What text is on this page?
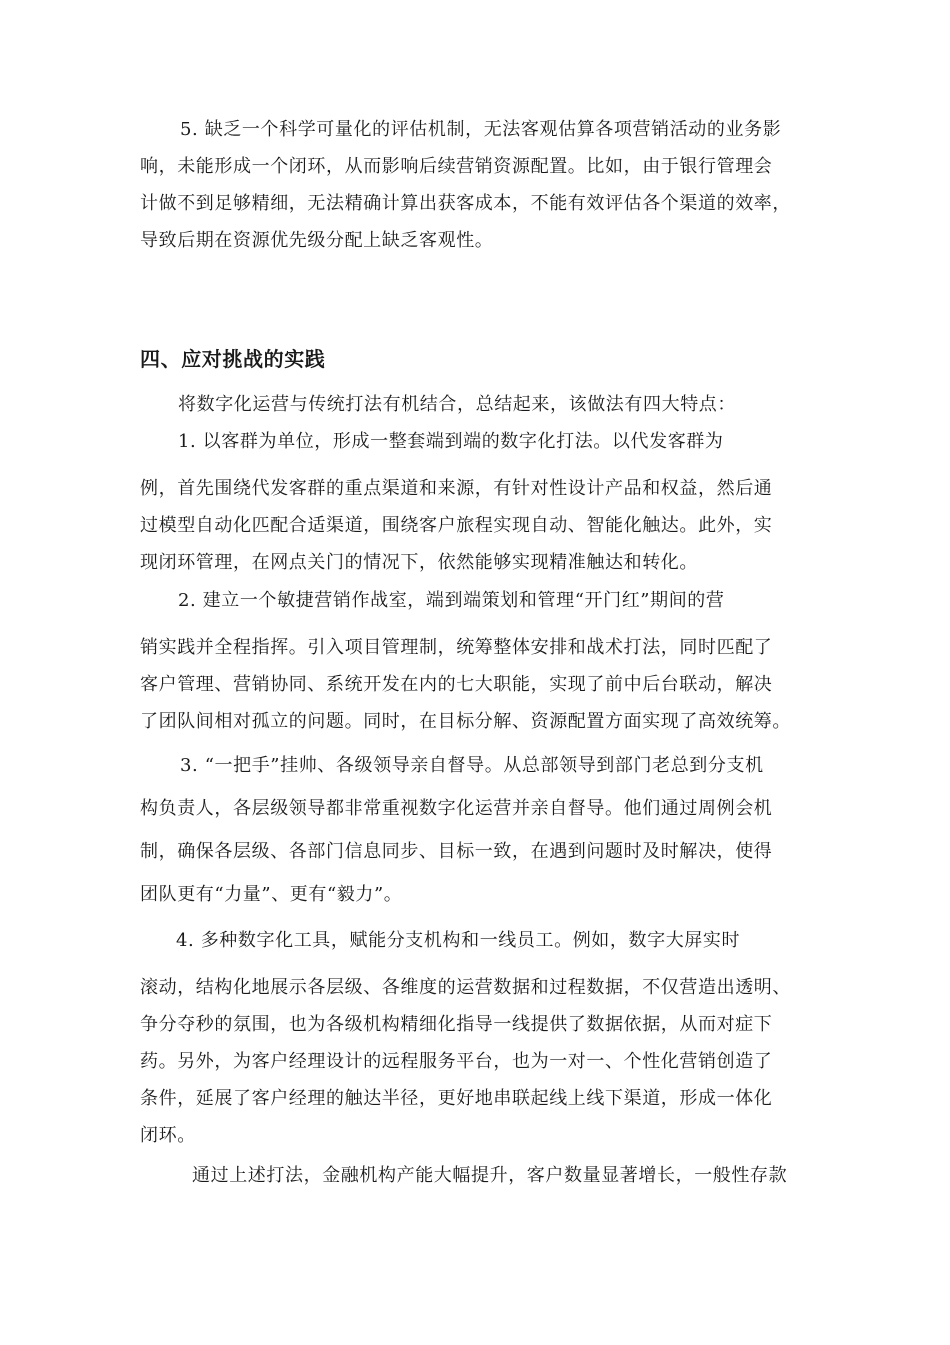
5. 缺乏一个科学可量化的评估机制，无法客观估算各项营销活动的业务影
响，未能形成一个闭环，从而影响后续营销资源配置。比如，由于银行管理会
计做不到足够精细，无法精确计算出获客成本，不能有效评估各个渠道的效率，
导致后期在资源优先级分配上缺乏客观性。
四、应对挑战的实践
将数字化运营与传统打法有机结合，总结起来，该做法有四大特点：
1. 以客群为单位，形成一整套端到端的数字化打法。以代发客群为
例，首先围绕代发客群的重点渠道和来源，有针对性设计产品和权益，然后通
过模型自动化匹配合适渠道，围绕客户旅程实现自动、智能化触达。此外，实
现闭环管理，在网点关门的情况下，依然能够实现精准触达和转化。
2. 建立一个敏捷营销作战室，端到端策划和管理“开门红”期间的营
销实践并全程指挥。引入项目管理制，统筹整体安排和战术打法，同时匹配了
客户管理、营销协同、系统开发在内的七大职能，实现了前中后台联动，解决
了团队间相对孤立的问题。同时，在目标分解、资源配置方面实现了高效统筹。
3. “一把手”挂帅、各级领导亲自督导。从总部领导到部门老总到分支机
构负责人，各层级领导都非常重视数字化运营并亲自督导。他们通过周例会机
制，确保各层级、各部门信息同步、目标一致，在遇到问题时及时解决，使得
团队更有“力量”、更有“毅力”。
4. 多种数字化工具，赋能分支机构和一线员工。例如，数字大屏实时
滚动，结构化地展示各层级、各维度的运营数据和过程数据，不仅营造出透明、
争分夺秒的氛围，也为各级机构精细化指导一线提供了数据依据，从而对症下
药。另外，为客户经理设计的远程服务平台，也为一对一、个性化营销创造了
条件，延展了客户经理的触达半径，更好地串联起线上线下渠道，形成一体化
闭环。
通过上述打法，金融机构产能大幅提升，客户数量显著增长，一般性存款
